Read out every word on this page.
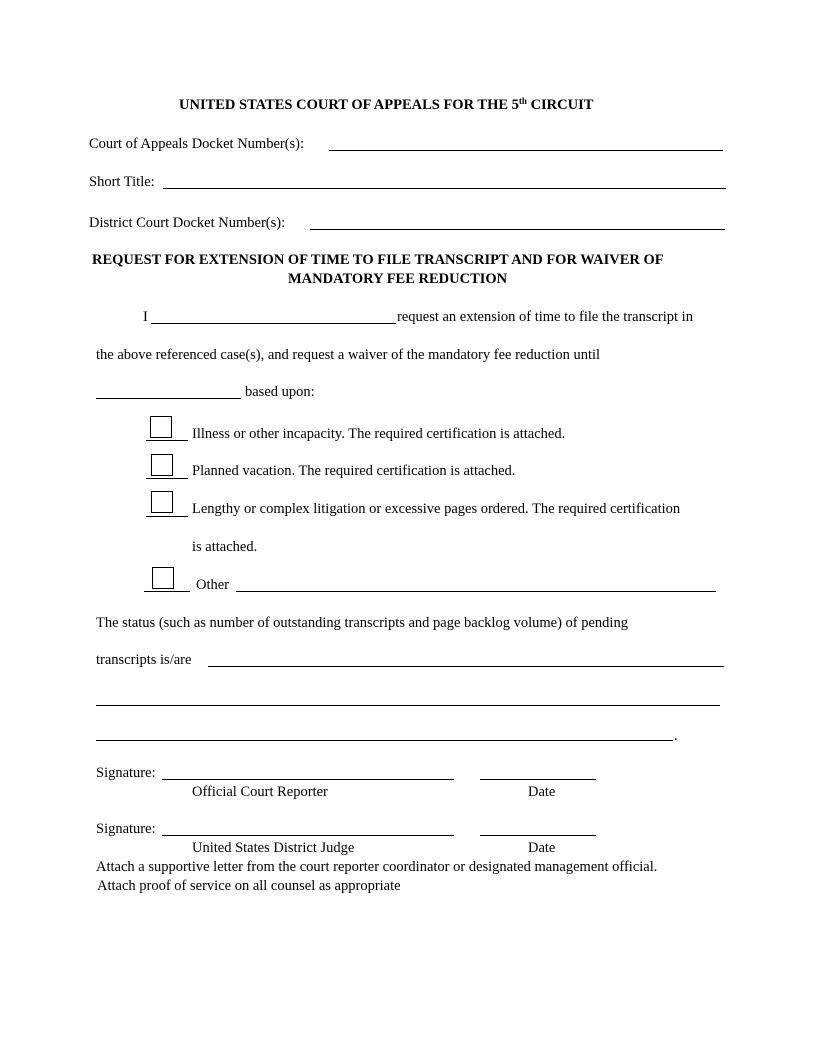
UNITED STATES COURT OF APPEALS FOR THE 5th CIRCUIT
Court of Appeals Docket Number(s):
Short Title:
District Court Docket Number(s):
REQUEST FOR EXTENSION OF TIME TO FILE TRANSCRIPT AND FOR WAIVER OF
MANDATORY FEE REDUCTION
I	request an extension of time to file the transcript in
the above referenced case(s), and request a waiver of the mandatory fee reduction until
based upon:
Illness or other incapacity. The required certification is attached.
Planned vacation. The required certification is attached.
Lengthy or complex litigation or excessive pages ordered. The required certification
is attached.
Other
The status (such as number of outstanding transcripts and page backlog volume) of pending
transcripts is/are
.
Signature:
Official Court Reporter	Date
Signature:
United States District Judge	Date
Attach a supportive letter from the court reporter coordinator or designated management official.
Attach proof of service on all counsel as appropriate
